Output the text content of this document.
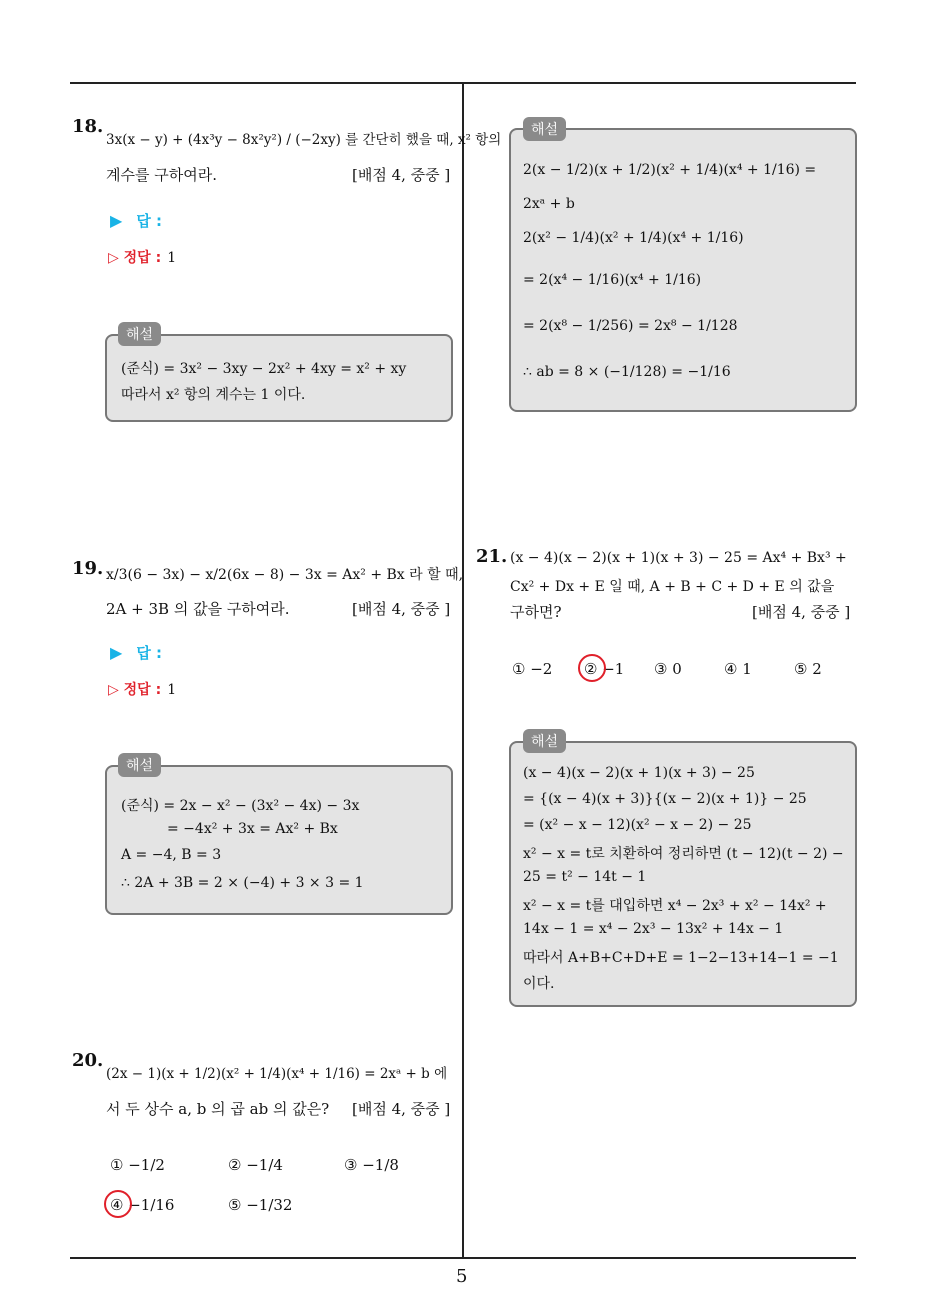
18.
3x(x − y) + (4x³y − 8x²y²) / (−2xy) 를 간단히 했을 때, x² 항의
계수를 구하여라.	[배점 4, 중중 ]
▶ 답 :
▷ 정답 : 1
(준식) = 3x² − 3xy − 2x² + 4xy = x² + xy
따라서 x² 항의 계수는 1 이다.
해설
19. x/3(6 − 3x) − x/2(6x − 8) − 3x = Ax² + Bx 라 할 때,
2A + 3B 의 값을 구하여라.	[배점 4, 중중 ]
▶ 답 :
▷ 정답 : 1
(준식) = 2x − x² − (3x² − 4x) − 3x
= −4x² + 3x = Ax² + Bx
A = −4, B = 3
∴ 2A + 3B = 2 × (−4) + 3 × 3 = 1
해설
20.
(2x − 1)(x + 1/2)(x² + 1/4)(x⁴ + 1/16) = 2xᵃ + b 에
서 두 상수 a, b 의 곱 ab 의 값은? [배점 4, 중중 ]
① −1/2	② −1/4	③ −1/8
④ −1/16	⑤ −1/32
2(x − 1/2)(x + 1/2)(x² + 1/4)(x⁴ + 1/16) =
2xᵃ + b
2(x² − 1/4)(x² + 1/4)(x⁴ + 1/16)
= 2(x⁴ − 1/16)(x⁴ + 1/16)
= 2(x⁸ − 1/256) = 2x⁸ − 1/128
∴ ab = 8 × (−1/128) = −1/16
해설
21. (x − 4)(x − 2)(x + 1)(x + 3) − 25 = Ax⁴ + Bx³ +
Cx² + Dx + E 일 때, A + B + C + D + E 의 값을
구하면?	[배점 4, 중중 ]
① −2 ② −1 ③ 0	④ 1	⑤ 2
(x − 4)(x − 2)(x + 1)(x + 3) − 25
= {(x − 4)(x + 3)}{(x − 2)(x + 1)} − 25
= (x² − x − 12)(x² − x − 2) − 25
x² − x = t로 치환하여 정리하면 (t − 12)(t − 2) −
25 = t² − 14t − 1
x² − x = t를 대입하면 x⁴ − 2x³ + x² − 14x² +
14x − 1 = x⁴ − 2x³ − 13x² + 14x − 1
따라서 A+B+C+D+E = 1−2−13+14−1 = −1
이다.
해설
5
